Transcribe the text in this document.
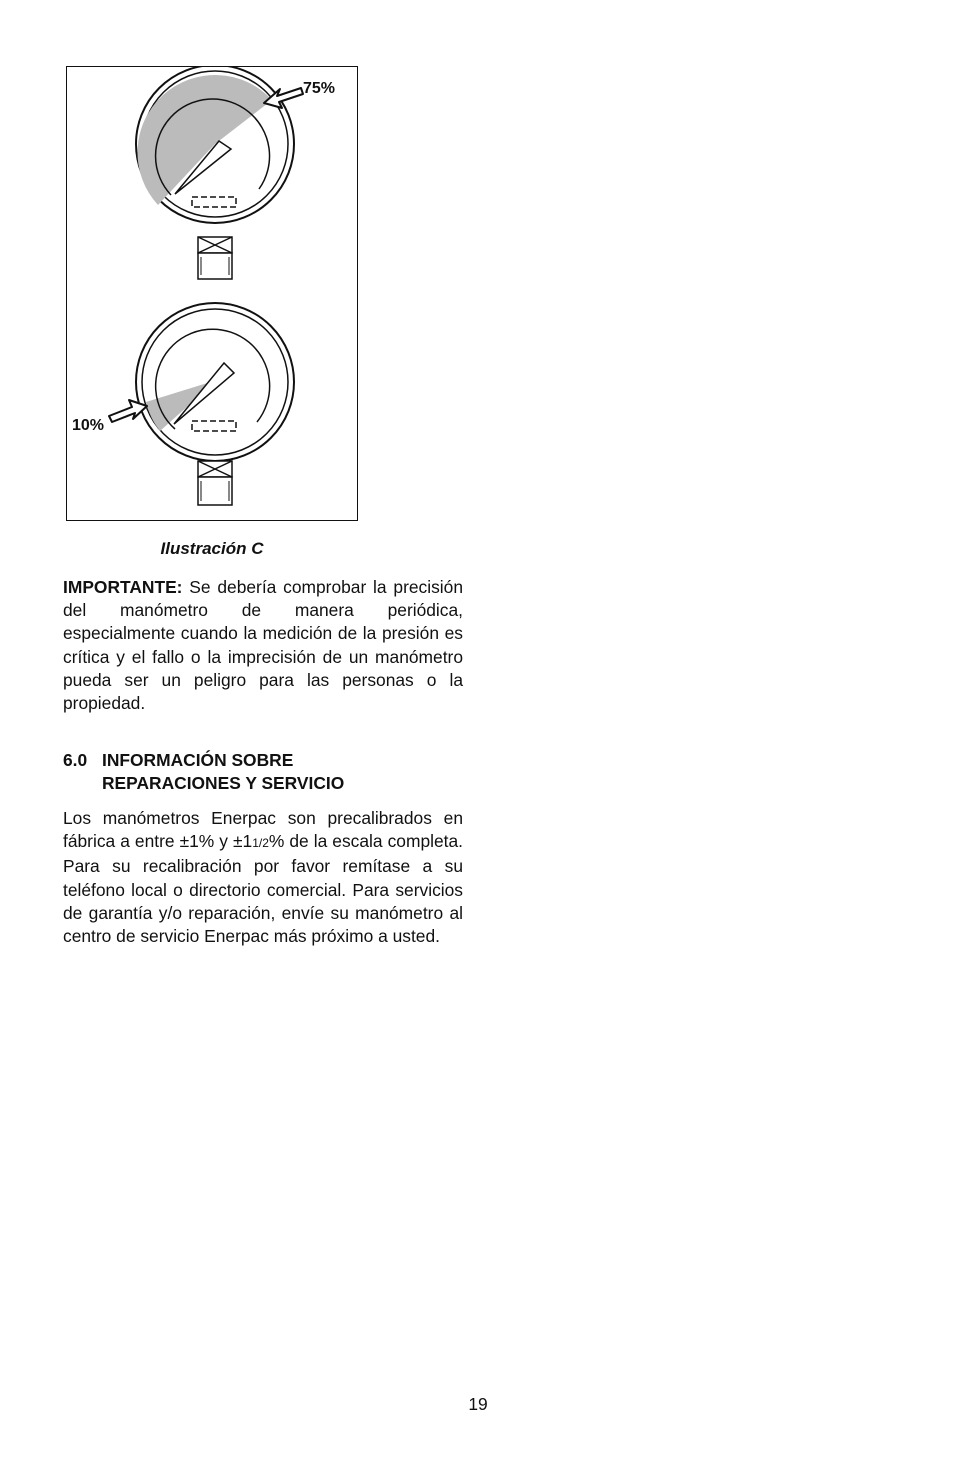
75%
10%
Ilustración C
IMPORTANTE: Se debería comprobar la precisión del manómetro de manera periódica, especialmente cuando la medición de la presión es crítica y el fallo o la imprecisión de un manómetro pueda ser un peligro para las personas o la propiedad.
6.0 INFORMACIÓN SOBRE
REPARACIONES Y SERVICIO
Los manómetros Enerpac son precalibrados en fábrica a entre ±1% y ±11/2% de la escala completa. Para su recalibración por favor remítase a su teléfono local o directorio comercial. Para servicios de garantía y/o reparación, envíe su manómetro al centro de servicio Enerpac más próximo a usted.
19
